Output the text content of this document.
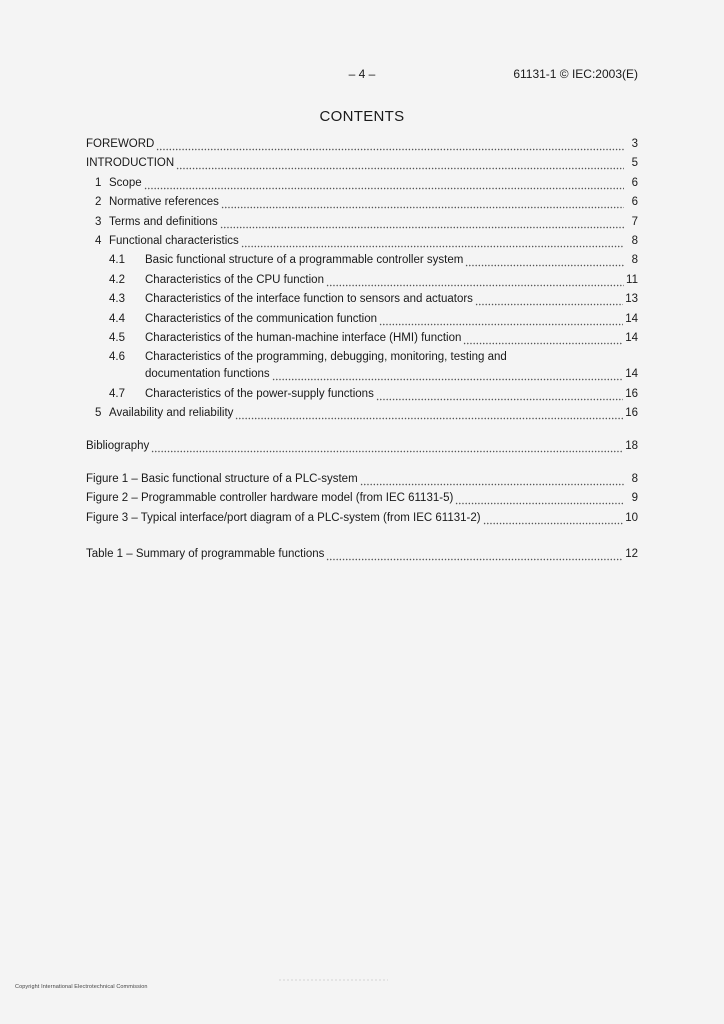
– 4 –	61131-1 © IEC:2003(E)
CONTENTS
FOREWORD	3
INTRODUCTION	5
1 Scope	6
2 Normative references	6
3 Terms and definitions	7
4 Functional characteristics	8
4.1	Basic functional structure of a programmable controller system	8
4.2	Characteristics of the CPU function	11
4.3	Characteristics of the interface function to sensors and actuators	13
4.4	Characteristics of the communication function	14
4.5	Characteristics of the human-machine interface (HMI) function	14
4.6	Characteristics of the programming, debugging, monitoring, testing and
documentation functions	14
4.7	Characteristics of the power-supply functions	16
5 Availability and reliability	16
Bibliography	18
Figure 1 – Basic functional structure of a PLC-system	8
Figure 2 – Programmable controller hardware model (from IEC 61131-5)	9
Figure 3 – Typical interface/port diagram of a PLC-system (from IEC 61131-2)	10
Table 1 – Summary of programmable functions	12
Copyright International Electrotechnical Commission
